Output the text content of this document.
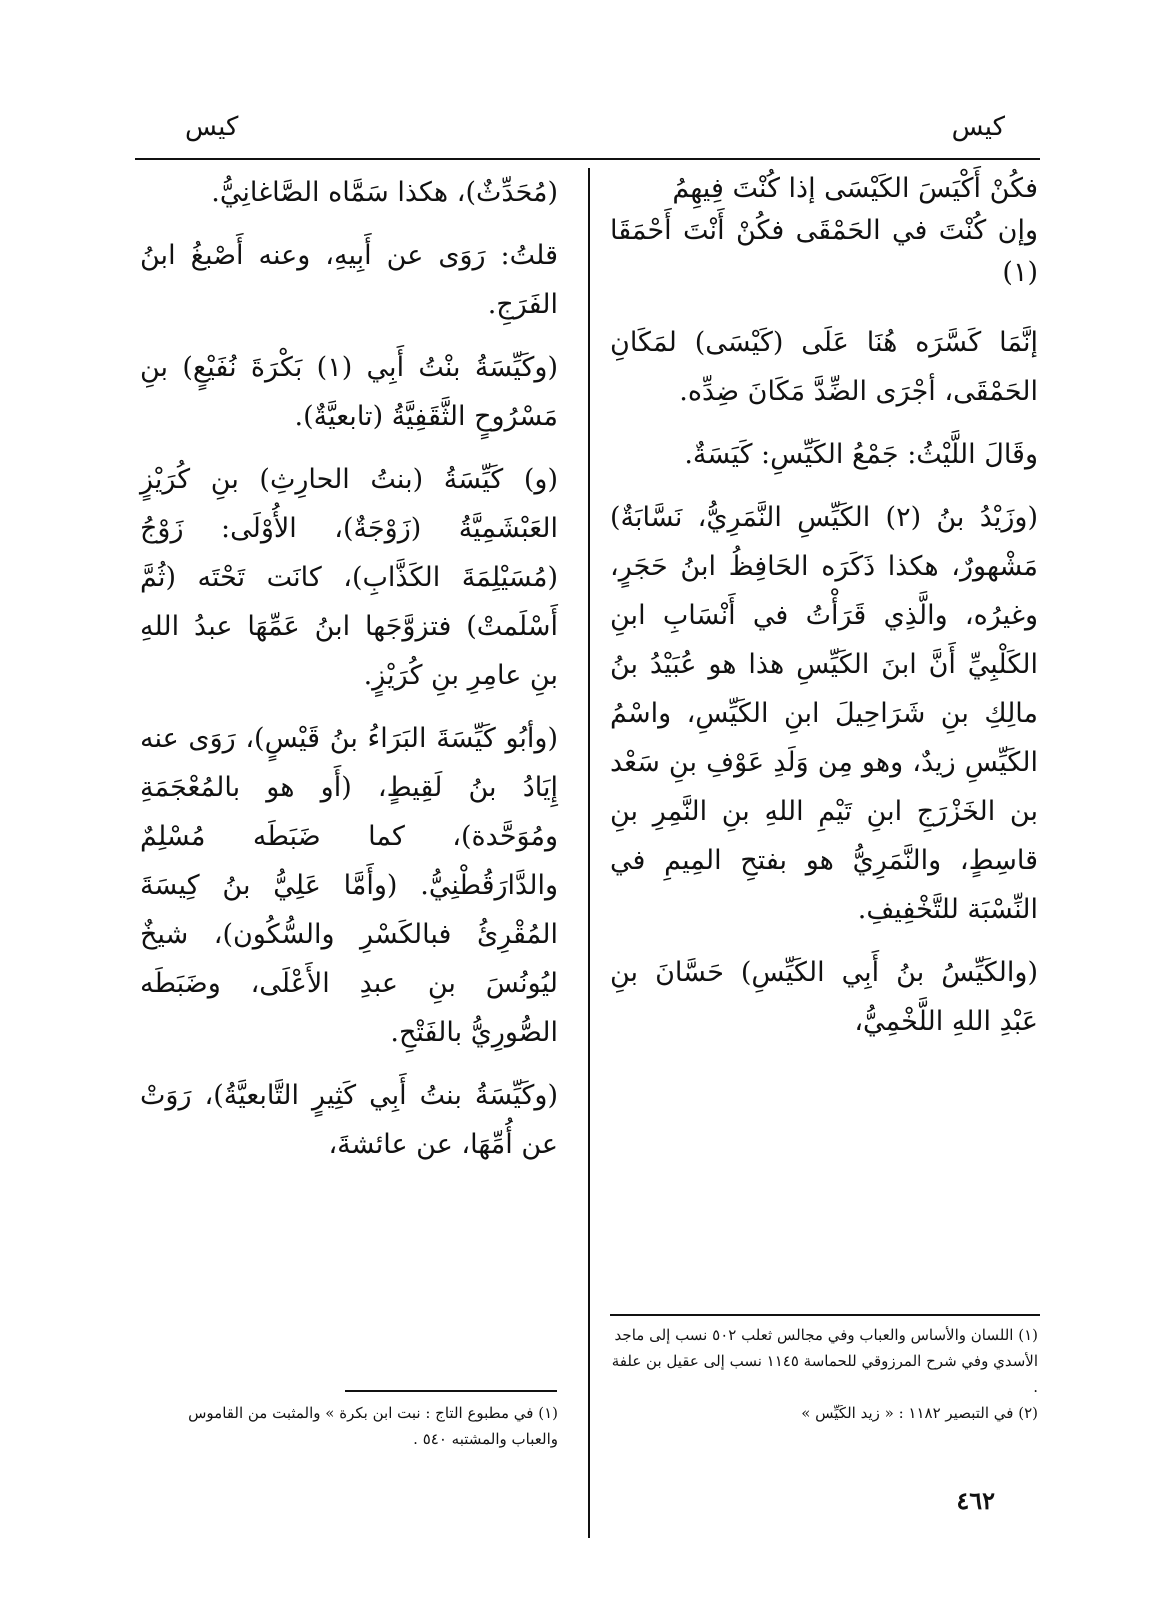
كيس
كيس
فكُنْ أَكْيَسَ الكَيْسَى إذا كُنْتَ فِيهِمُ
وإن كُنْتَ في الحَمْقَى فكُنْ أَنْتَ أَحْمَقَا (١)

إنَّمَا كَسَّرَه هُنَا عَلَى (كَيْسَى) لمَكَانِ الحَمْقَى، أجْرَى الضِّدَّ مَكَانَ ضِدِّه.

وقَالَ اللَّيْثُ: جَمْعُ الكَيِّسِ: كَيَسَةٌ.

(وزَيْدُ بنُ (٢) الكَيِّسِ النَّمَرِيُّ، نَسَّابَةٌ) مَشْهورٌ، هكذا ذَكَرَه الحَافِظُ ابنُ حَجَرٍ، وغيرُه، والَّذِي قَرَأْتُ في أَنْسَابِ ابنِ الكَلْبِيِّ أَنَّ ابنَ الكَيِّسِ هذا هو عُبَيْدُ بنُ مالِكِ بنِ شَرَاحِيلَ ابنِ الكَيِّسِ، واسْمُ الكَيِّسِ زيدٌ، وهو مِن وَلَدِ عَوْفِ بنِ سَعْد بن الخَزْرَجِ ابنِ تَيْمِ اللهِ بنِ النَّمِرِ بنِ قاسِطٍ، والنَّمَرِيُّ هو بفتحِ المِيمِ في النِّسْبَة للتَّخْفِيفِ.

(والكَيِّسُ بنُ أَبِي الكَيِّسِ) حَسَّانَ بنِ عَبْدِ اللهِ اللَّخْمِيُّ،

(مُحَدِّثٌ)، هكذا سَمَّاه الصَّاغانِيُّ.

قلتُ: رَوَى عن أَبِيهِ، وعنه أَصْبغُ ابنُ الفَرَجِ.

(وكَيِّسَةُ بنْتُ أَبِي (١) بَكْرَةَ نُفَيْعٍ) بنِ مَسْرُوحٍ الثَّقَفِيَّةُ (تابعيَّةٌ).

(و) كَيِّسَةُ (بنتُ الحارِثِ) بنِ كُرَيْزٍ العَبْشَمِيَّةُ (زَوْجَةٌ)، الأُوْلَى: زَوْجُ (مُسَيْلِمَةَ الكَذَّابِ)، كانَت تَحْتَه (ثُمَّ أَسْلَمتْ) فتزوَّجَها ابنُ عَمِّهَا عبدُ اللهِ بنِ عامِرِ بنِ كُرَيْزٍ.

(وأبُو كَيِّسَةَ البَرَاءُ بنُ قَيْسٍ)، رَوَى عنه إِيَادُ بنُ لَقِيطٍ، (أَو هو بالمُعْجَمَةِ ومُوَحَّدة)، كما ضَبَطَه مُسْلِمٌ والدَّارَقُطْنِيُّ. (وأَمَّا عَلِيُّ بنُ كِيسَةَ المُقْرِئُ فبالكَسْرِ والسُّكُون)، شيخٌ ليُونُسَ بنِ عبدِ الأَعْلَى، وضَبَطَه الصُّورِيُّ بالفَتْحِ.

(وكَيِّسَةُ بنتُ أَبِي كَثِيرٍ التَّابعيَّةُ)، رَوَتْ عن أُمِّهَا، عن عائشةَ،

(١) اللسان والأساس والعباب وفي مجالس ثعلب ٥٠٢ نسب إلى ماجد الأسدي وفي شرح المرزوقي للحماسة ١١٤٥ نسب إلى عقيل بن علفة .
(٢) في التبصير ١١٨٢ : « زيد الكَيِّس »
(١) في مطبوع التاج : نبت ابن بكرة » والمثبت من القاموس والعباب والمشتبه ٥٤٠ .
٤٦٢
